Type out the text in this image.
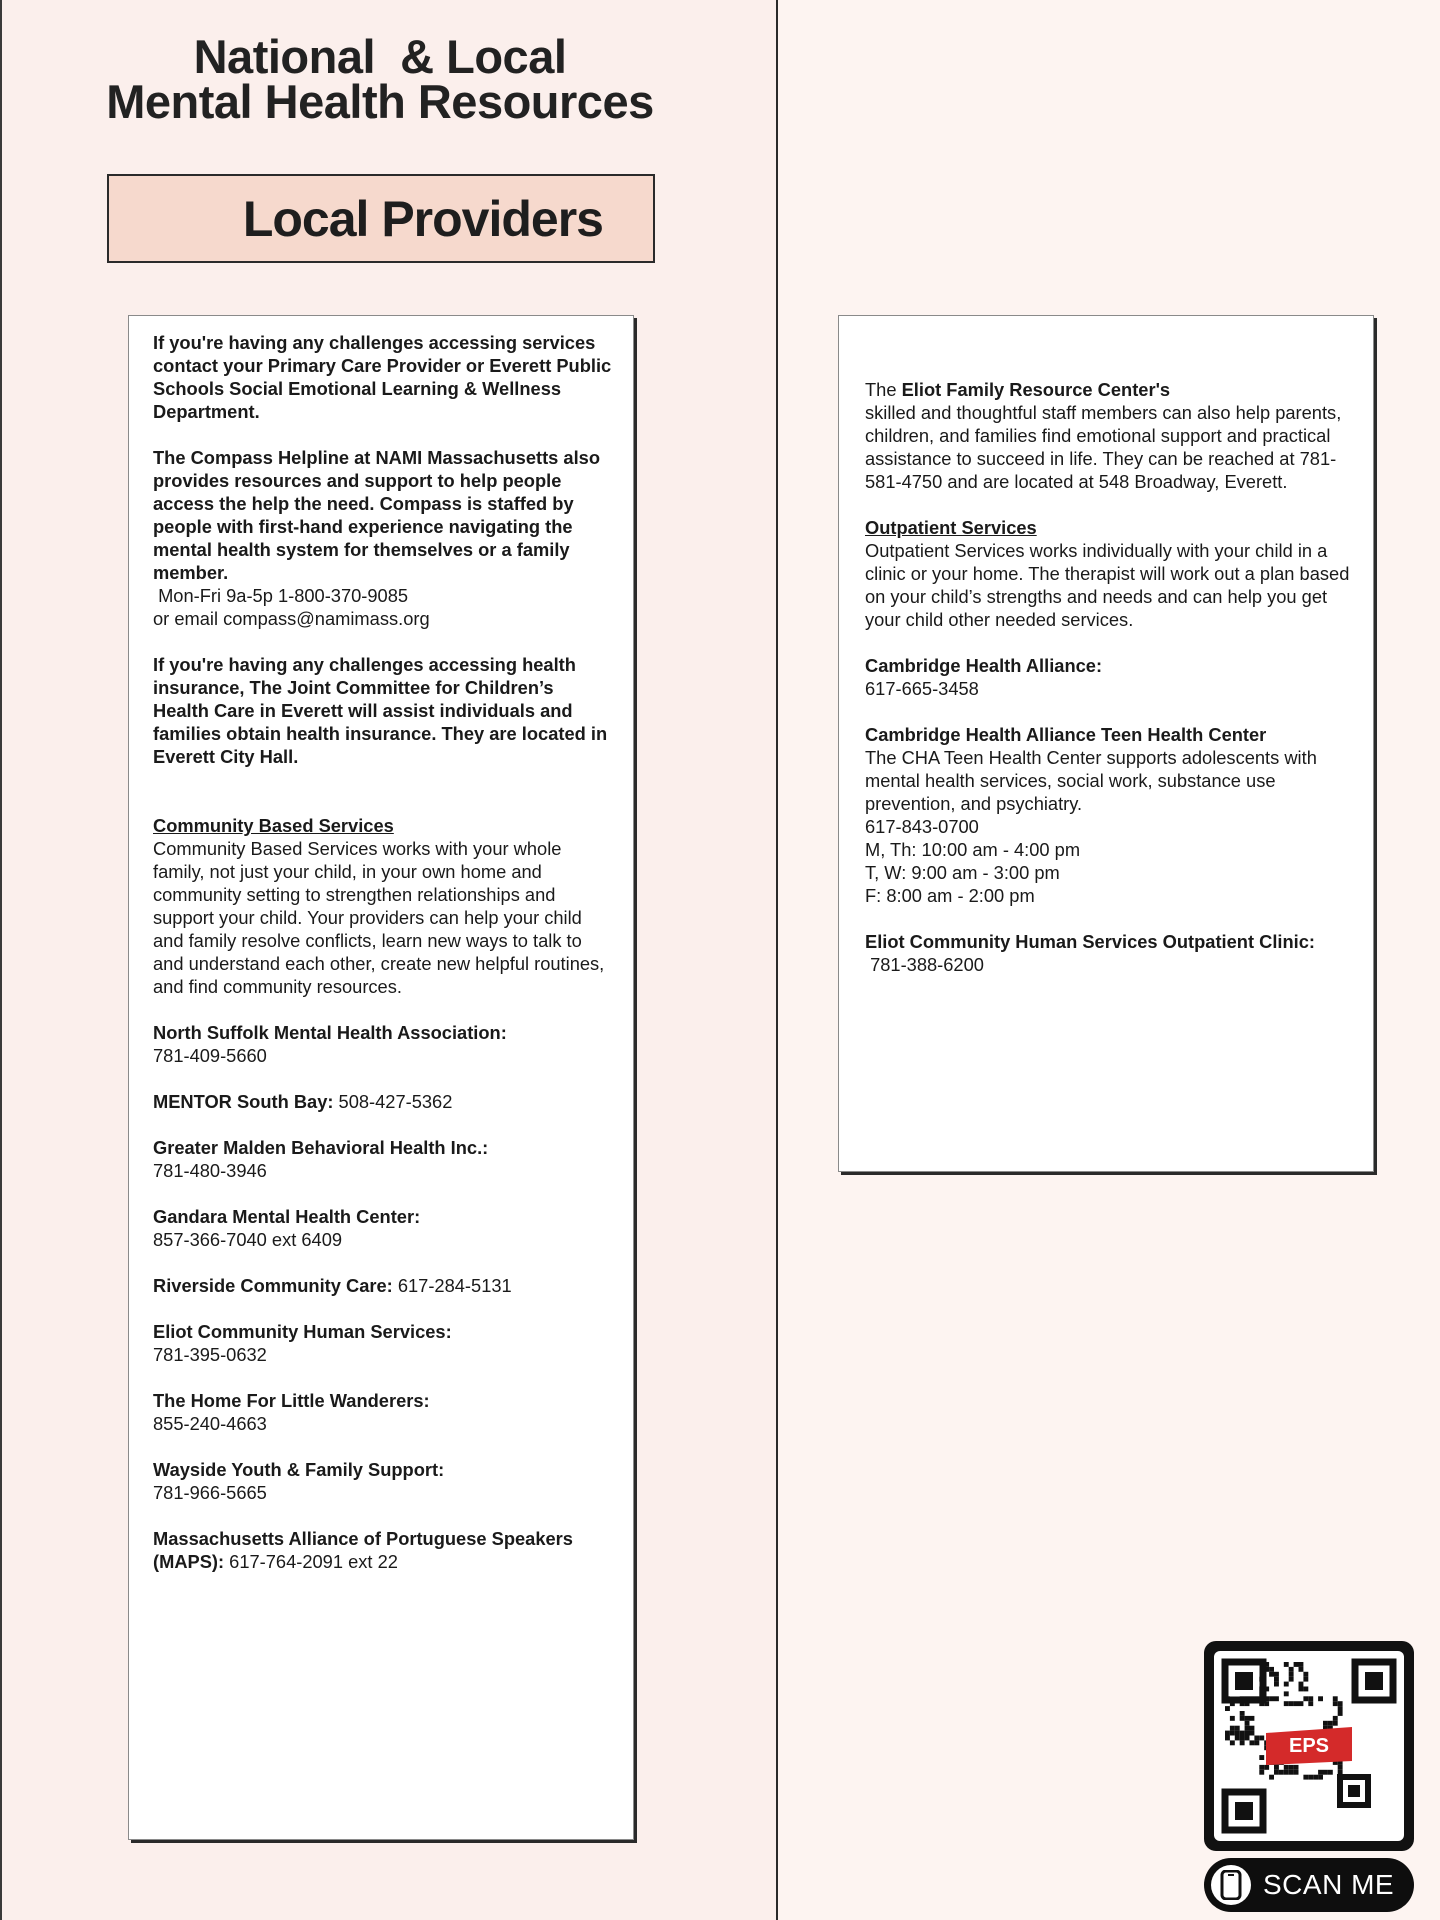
National  & Local
Mental Health Resources
Local Providers

If you're having any challenges accessing services contact your Primary Care Provider or Everett Public Schools Social Emotional Learning & Wellness Department.

The Compass Helpline at NAMI Massachusetts also provides resources and support to help people access the help the need. Compass is staffed by people with first-hand experience navigating the mental health system for themselves or a family member.
Mon-Fri 9a-5p 1-800-370-9085
or email compass@namimass.org

If you're having any challenges accessing health insurance, The Joint Committee for Children’s Health Care in Everett will assist individuals and families obtain health insurance. They are located in Everett City Hall.

Community Based Services
Community Based Services works with your whole family, not just your child, in your own home and community setting to strengthen relationships and support your child. Your providers can help your child and family resolve conflicts, learn new ways to talk to and understand each other, create new helpful routines, and find community resources.

North Suffolk Mental Health Association:
781-409-5660

MENTOR South Bay: 508-427-5362

Greater Malden Behavioral Health Inc.:
781-480-3946

Gandara Mental Health Center:
857-366-7040 ext 6409

Riverside Community Care: 617-284-5131

Eliot Community Human Services:
781-395-0632

The Home For Little Wanderers:
855-240-4663

Wayside Youth & Family Support:
781-966-5665

Massachusetts Alliance of Portuguese Speakers (MAPS): 617-764-2091 ext 22

The Eliot Family Resource Center's
skilled and thoughtful staff members can also help parents, children, and families find emotional support and practical assistance to succeed in life. They can be reached at 781-581-4750 and are located at 548 Broadway, Everett.

Outpatient Services
Outpatient Services works individually with your child in a clinic or your home. The therapist will work out a plan based on your child’s strengths and needs and can help you get your child other needed services.

Cambridge Health Alliance:
617-665-3458

Cambridge Health Alliance Teen Health Center
The CHA Teen Health Center supports adolescents with mental health services, social work, substance use prevention, and psychiatry.
617-843-0700
M, Th: 10:00 am - 4:00 pm
T, W: 9:00 am - 3:00 pm
F: 8:00 am - 2:00 pm

Eliot Community Human Services Outpatient Clinic: 781-388-6200

EPS
SCAN ME
